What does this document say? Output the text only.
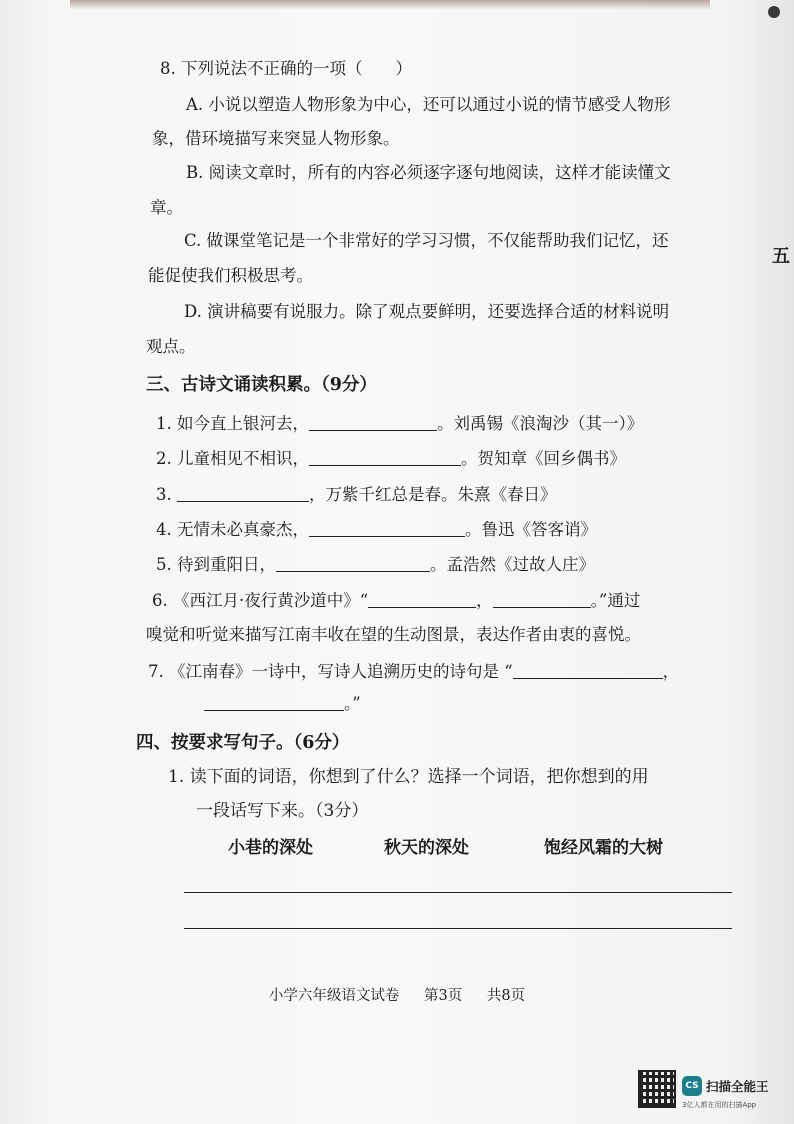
8. 下列说法不正确的一项（　　）
A. 小说以塑造人物形象为中心，还可以通过小说的情节感受人物形
象，借环境描写来突显人物形象。
B. 阅读文章时，所有的内容必须逐字逐句地阅读，这样才能读懂文
章。
C. 做课堂笔记是一个非常好的学习习惯，不仅能帮助我们记忆，还
能促使我们积极思考。
D. 演讲稿要有说服力。除了观点要鲜明，还要选择合适的材料说明
观点。
三、古诗文诵读积累。（9分）
1. 如今直上银河去，	。刘禹锡《浪淘沙（其一）》
2. 儿童相见不相识，	。贺知章《回乡偶书》
3.	，万紫千红总是春。朱熹《春日》
4. 无情未必真豪杰，	。鲁迅《答客诮》
5. 待到重阳日，	。孟浩然《过故人庄》
6. 《西江月·夜行黄沙道中》“	，	。”通过
嗅觉和听觉来描写江南丰收在望的生动图景，表达作者由衷的喜悦。
7. 《江南春》一诗中，写诗人追溯历史的诗句是 “	，
。”
四、按要求写句子。（6分）
1. 读下面的词语，你想到了什么？选择一个词语，把你想到的用
一段话写下来。（3分）
小巷的深处	秋天的深处	饱经风霜的大树
五
小学六年级语文试卷 第3页 共8页
CS 扫描全能王
3亿人都在用的扫描App
